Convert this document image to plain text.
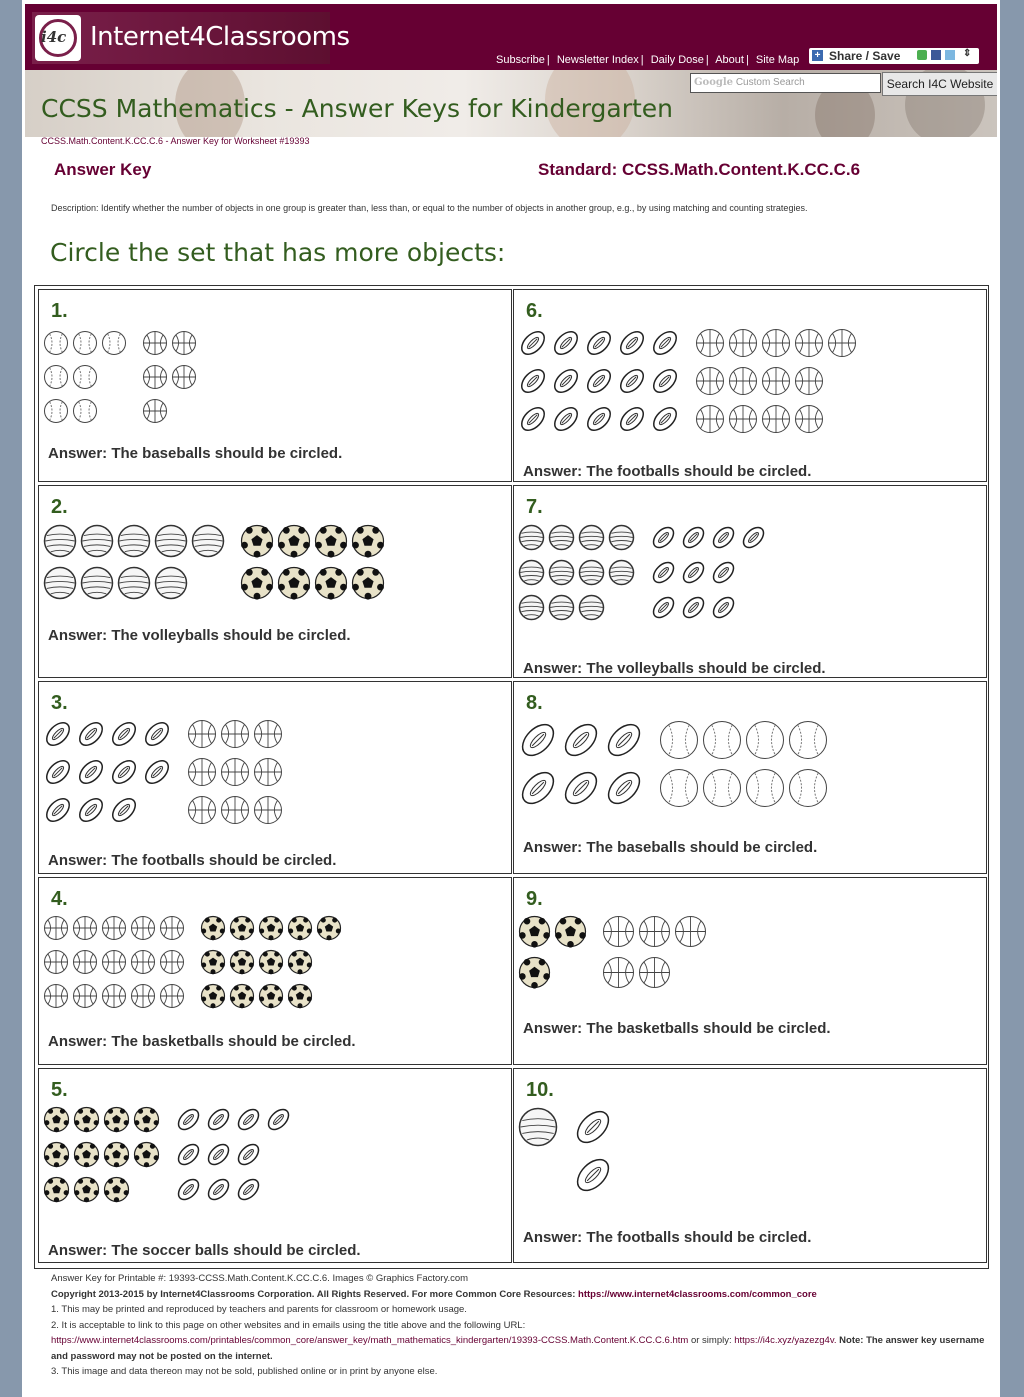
i4c Internet4Classrooms
Subscribe | Newsletter Index | Daily Dose | About | Site Map + Share / Save	⇕
CCSS Mathematics - Answer Keys for Kindergarten
Google Custom Search	Search I4C Website
CCSS.Math.Content.K.CC.C.6 - Answer Key for Worksheet #19393
Answer Key	Standard: CCSS.Math.Content.K.CC.C.6
Description: Identify whether the number of objects in one group is greater than, less than, or equal to the number of objects in another group, e.g., by using matching and counting strategies.
Circle the set that has more objects:
1.
Answer: The baseballs should be circled.
2.
Answer: The volleyballs should be circled.
3.
Answer: The footballs should be circled.
4.
Answer: The basketballs should be circled.
5.
Answer: The soccer balls should be circled.
6.
Answer: The footballs should be circled.
7.
Answer: The volleyballs should be circled.
8.
Answer: The baseballs should be circled.
9.
Answer: The basketballs should be circled.
10.
Answer: The footballs should be circled.
Answer Key for Printable #: 19393-CCSS.Math.Content.K.CC.C.6. Images © Graphics Factory.com
Copyright 2013-2015 by Internet4Classrooms Corporation. All Rights Reserved. For more Common Core Resources: https://www.internet4classrooms.com/common_core
1. This may be printed and reproduced by teachers and parents for classroom or homework usage.
2. It is acceptable to link to this page on other websites and in emails using the title above and the following URL:
https://www.internet4classrooms.com/printables/common_core/answer_key/math_mathematics_kindergarten/19393-CCSS.Math.Content.K.CC.C.6.htm or simply: https://i4c.xyz/yazezg4v. Note: The answer key username and password may not be posted on the internet.
3. This image and data thereon may not be sold, published online or in print by anyone else.
